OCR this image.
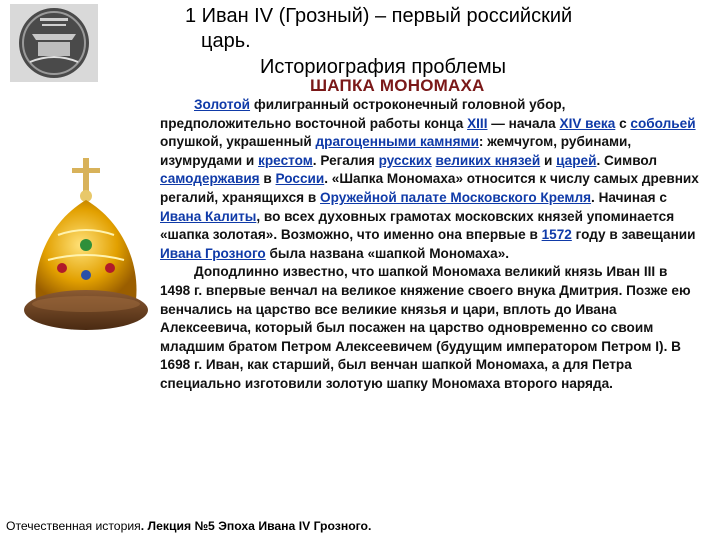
1 Иван IV (Грозный) – первый российский
царь.
Историография проблемы
ШАПКА МОНОМАХА

Золотой филигранный остроконечный головной убор, предположительно восточной работы конца XIII — начала XIV века с собольей опушкой, украшенный драгоценными камнями: жемчугом, рубинами, изумрудами и крестом. Регалия русских великих князей и царей. Символ самодержавия в России. «Шапка Мономаха» относится к числу самых древних регалий, хранящихся в Оружейной палате Московского Кремля. Начиная с Ивана Калиты, во всех духовных грамотах московских князей упоминается «шапка золотая». Возможно, что именно она впервые в 1572 году в завещании Ивана Грозного была названа «шапкой Мономаха».

Доподлинно известно, что шапкой Мономаха великий князь Иван III в 1498 г. впервые венчал на великое княжение своего внука Дмитрия. Позже ею венчались на царство все великие князья и цари, вплоть до Ивана Алексеевича, который был посажен на царство одновременно со своим младшим братом Петром Алексеевичем (будущим императором Петром I). В 1698 г. Иван, как старший, был венчан шапкой Мономаха, а для Петра специально изготовили золотую шапку Мономаха второго наряда.

Отечественная история. Лекция №5 Эпоха Ивана IV Грозного.
